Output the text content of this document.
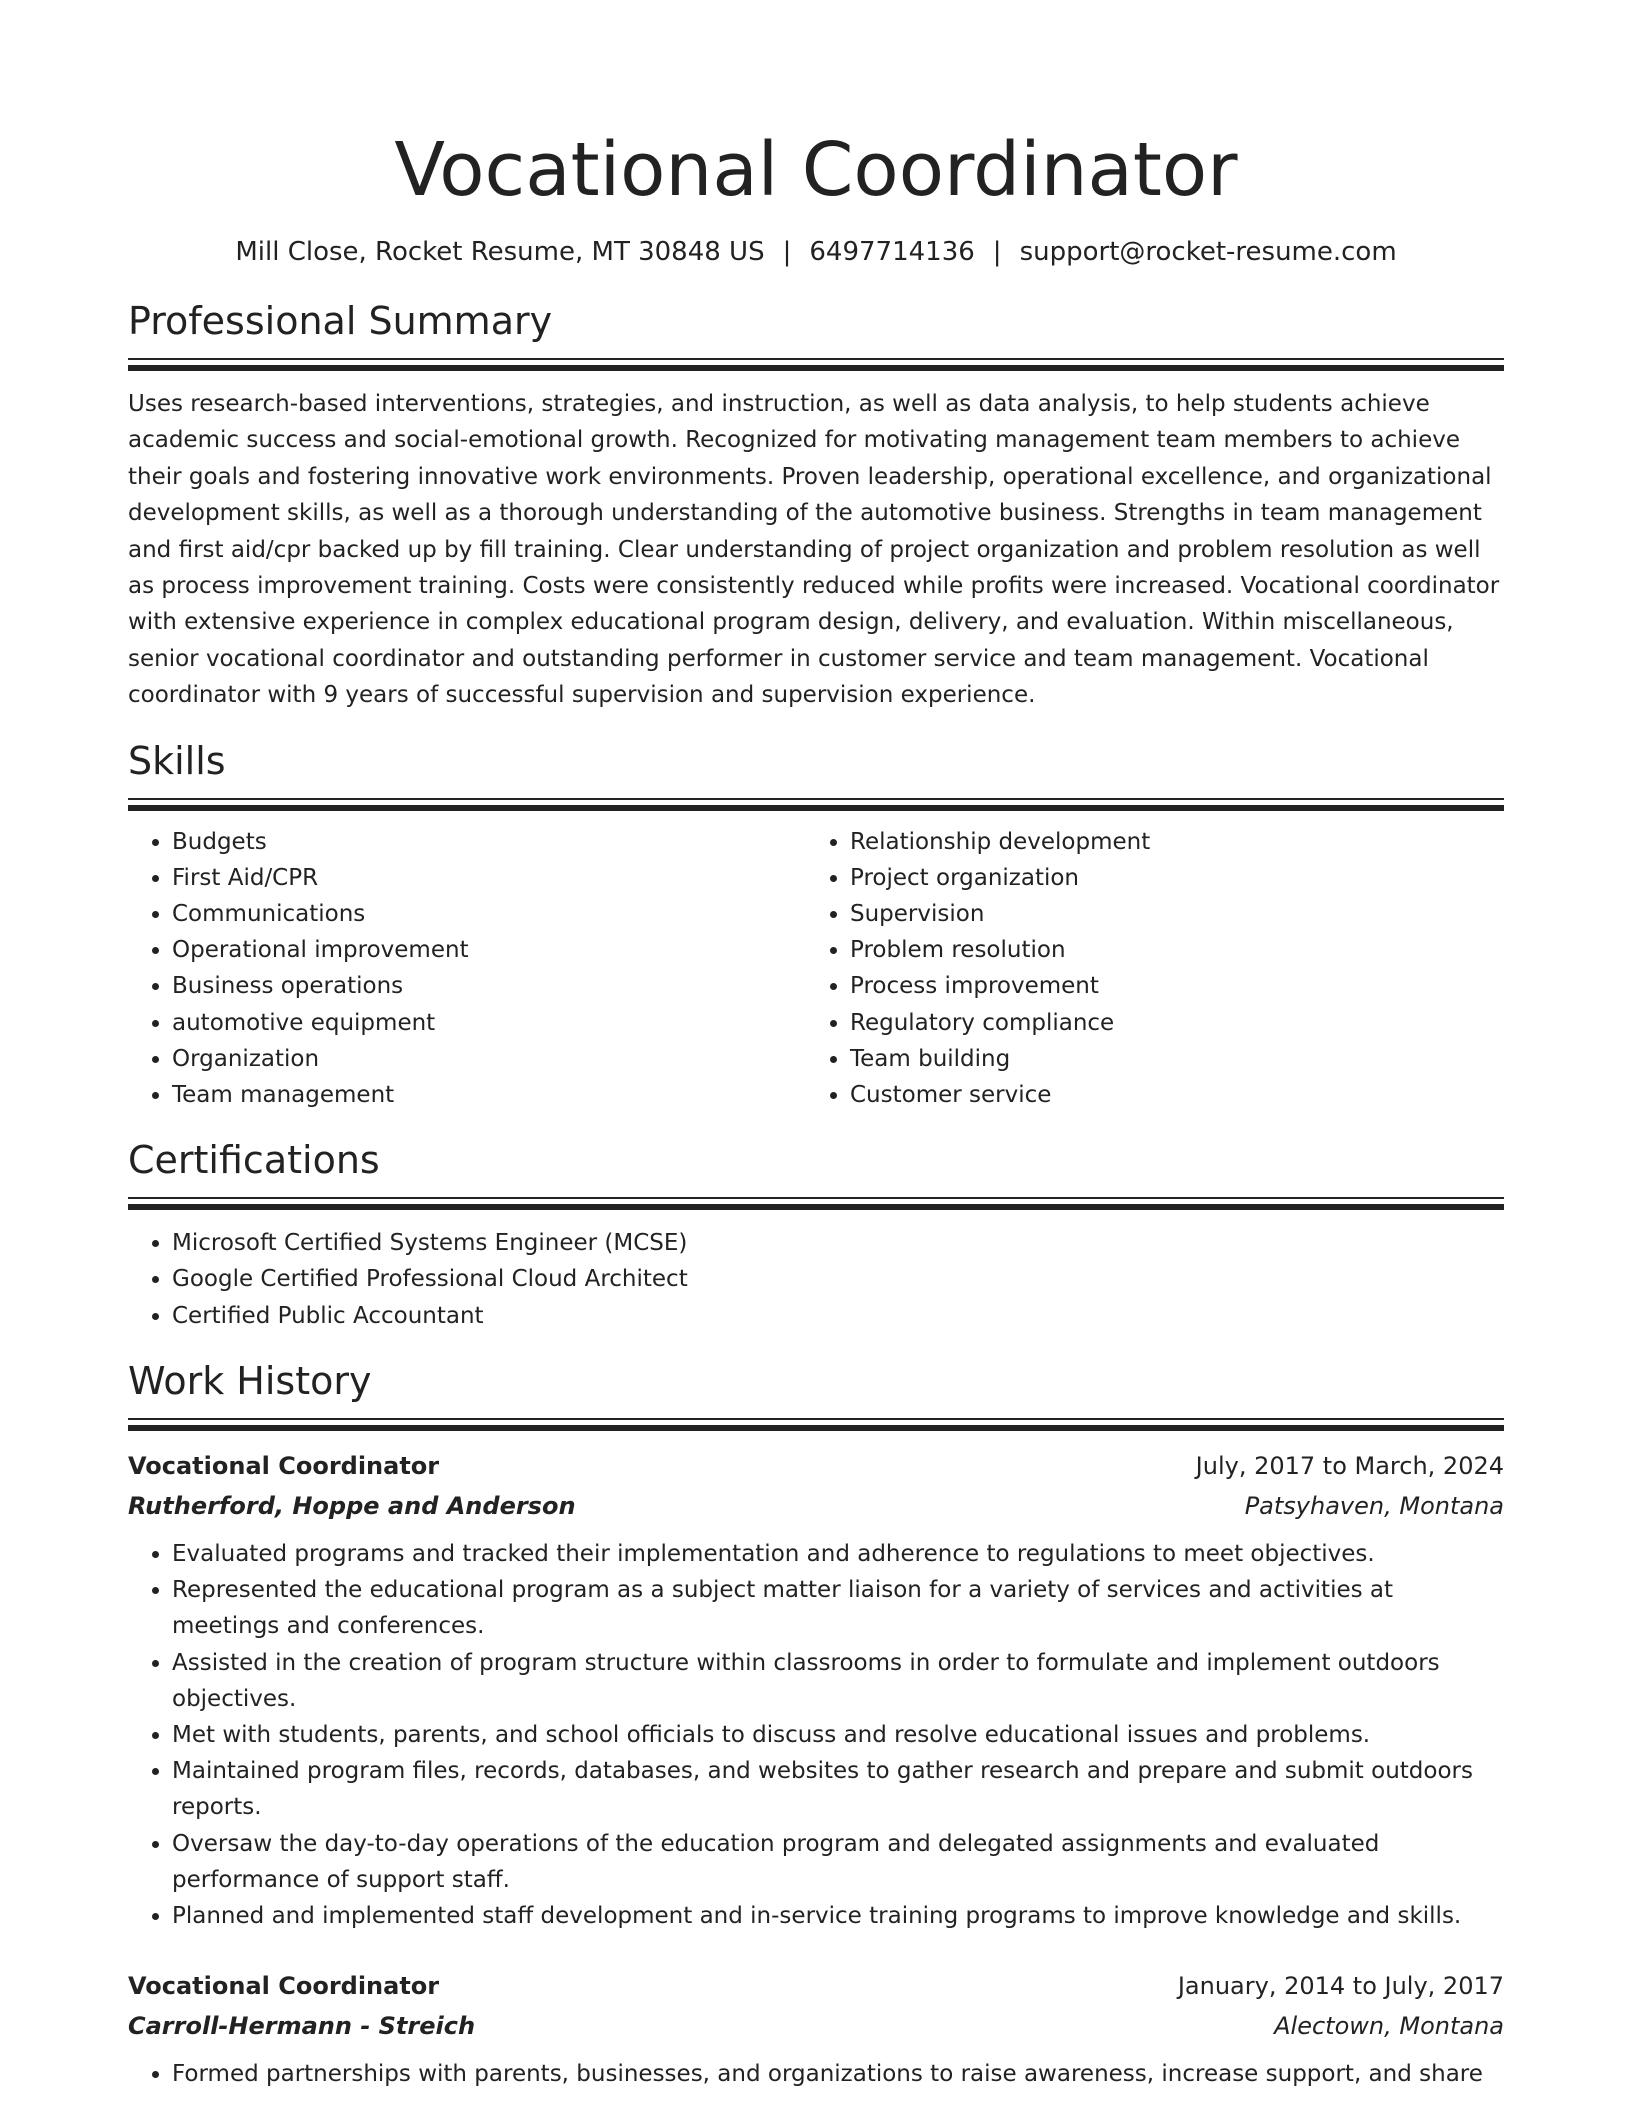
Vocational Coordinator
Mill Close, Rocket Resume, MT 30848 US | 6497714136 | support@rocket-resume.com
Professional Summary
Uses research-based interventions, strategies, and instruction, as well as data analysis, to help students achieve academic success and social-emotional growth. Recognized for motivating management team members to achieve their goals and fostering innovative work environments. Proven leadership, operational excellence, and organizational development skills, as well as a thorough understanding of the automotive business. Strengths in team management and first aid/cpr backed up by fill training. Clear understanding of project organization and problem resolution as well as process improvement training. Costs were consistently reduced while profits were increased. Vocational coordinator with extensive experience in complex educational program design, delivery, and evaluation. Within miscellaneous, senior vocational coordinator and outstanding performer in customer service and team management. Vocational coordinator with 9 years of successful supervision and supervision experience.
Skills
• Budgets
• First Aid/CPR
• Communications
• Operational improvement
• Business operations
• automotive equipment
• Organization
• Team management
• Relationship development
• Project organization
• Supervision
• Problem resolution
• Process improvement
• Regulatory compliance
• Team building
• Customer service
Certifications
• Microsoft Certified Systems Engineer (MCSE)
• Google Certified Professional Cloud Architect
• Certified Public Accountant
Work History
Vocational Coordinator	July, 2017 to March, 2024
Rutherford, Hoppe and Anderson	Patsyhaven, Montana
• Evaluated programs and tracked their implementation and adherence to regulations to meet objectives.
• Represented the educational program as a subject matter liaison for a variety of services and activities at meetings and conferences.
• Assisted in the creation of program structure within classrooms in order to formulate and implement outdoors objectives.
• Met with students, parents, and school officials to discuss and resolve educational issues and problems.
• Maintained program files, records, databases, and websites to gather research and prepare and submit outdoors reports.
• Oversaw the day-to-day operations of the education program and delegated assignments and evaluated performance of support staff.
• Planned and implemented staff development and in-service training programs to improve knowledge and skills.
Vocational Coordinator	January, 2014 to July, 2017
Carroll-Hermann - Streich	Alectown, Montana
• Formed partnerships with parents, businesses, and organizations to raise awareness, increase support, and share
